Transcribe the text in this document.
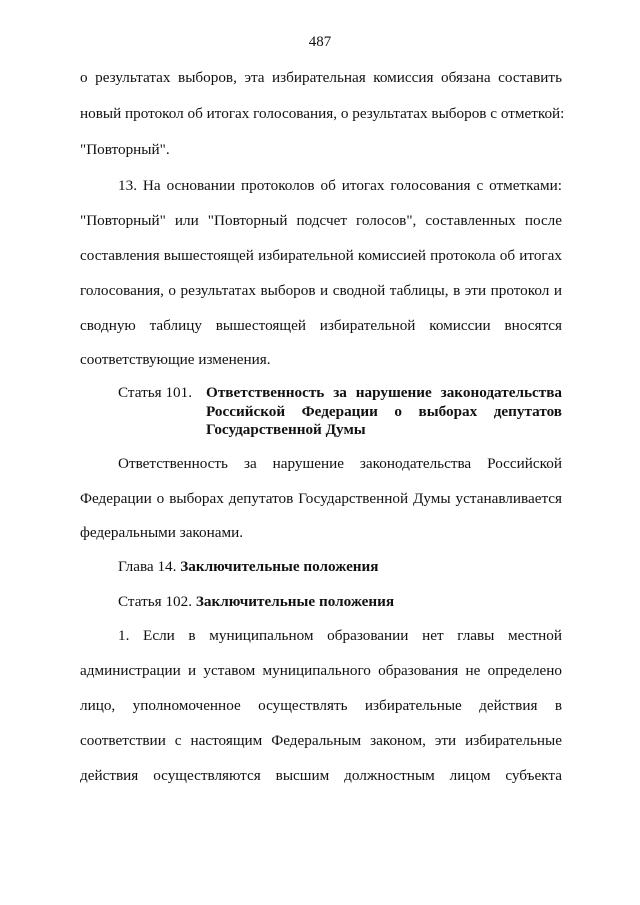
487
о результатах выборов, эта избирательная комиссия обязана составить
новый протокол об итогах голосования, о результатах выборов с отметкой:
"Повторный".
13. На основании протоколов об итогах голосования с отметками:
"Повторный" или "Повторный подсчет голосов", составленных после
составления вышестоящей избирательной комиссией протокола об итогах
голосования, о результатах выборов и сводной таблицы, в эти протокол и
сводную таблицу вышестоящей избирательной комиссии вносятся
соответствующие изменения.
Статья 101. Ответственность за нарушение законодательства
Российской Федерации о выборах депутатов
Государственной Думы
Ответственность за нарушение законодательства Российской
Федерации о выборах депутатов Государственной Думы устанавливается
федеральными законами.
Глава 14. Заключительные положения
Статья 102. Заключительные положения
1. Если в муниципальном образовании нет главы местной
администрации и уставом муниципального образования не определено
лицо, уполномоченное осуществлять избирательные действия в
соответствии с настоящим Федеральным законом, эти избирательные
действия осуществляются высшим должностным лицом субъекта
